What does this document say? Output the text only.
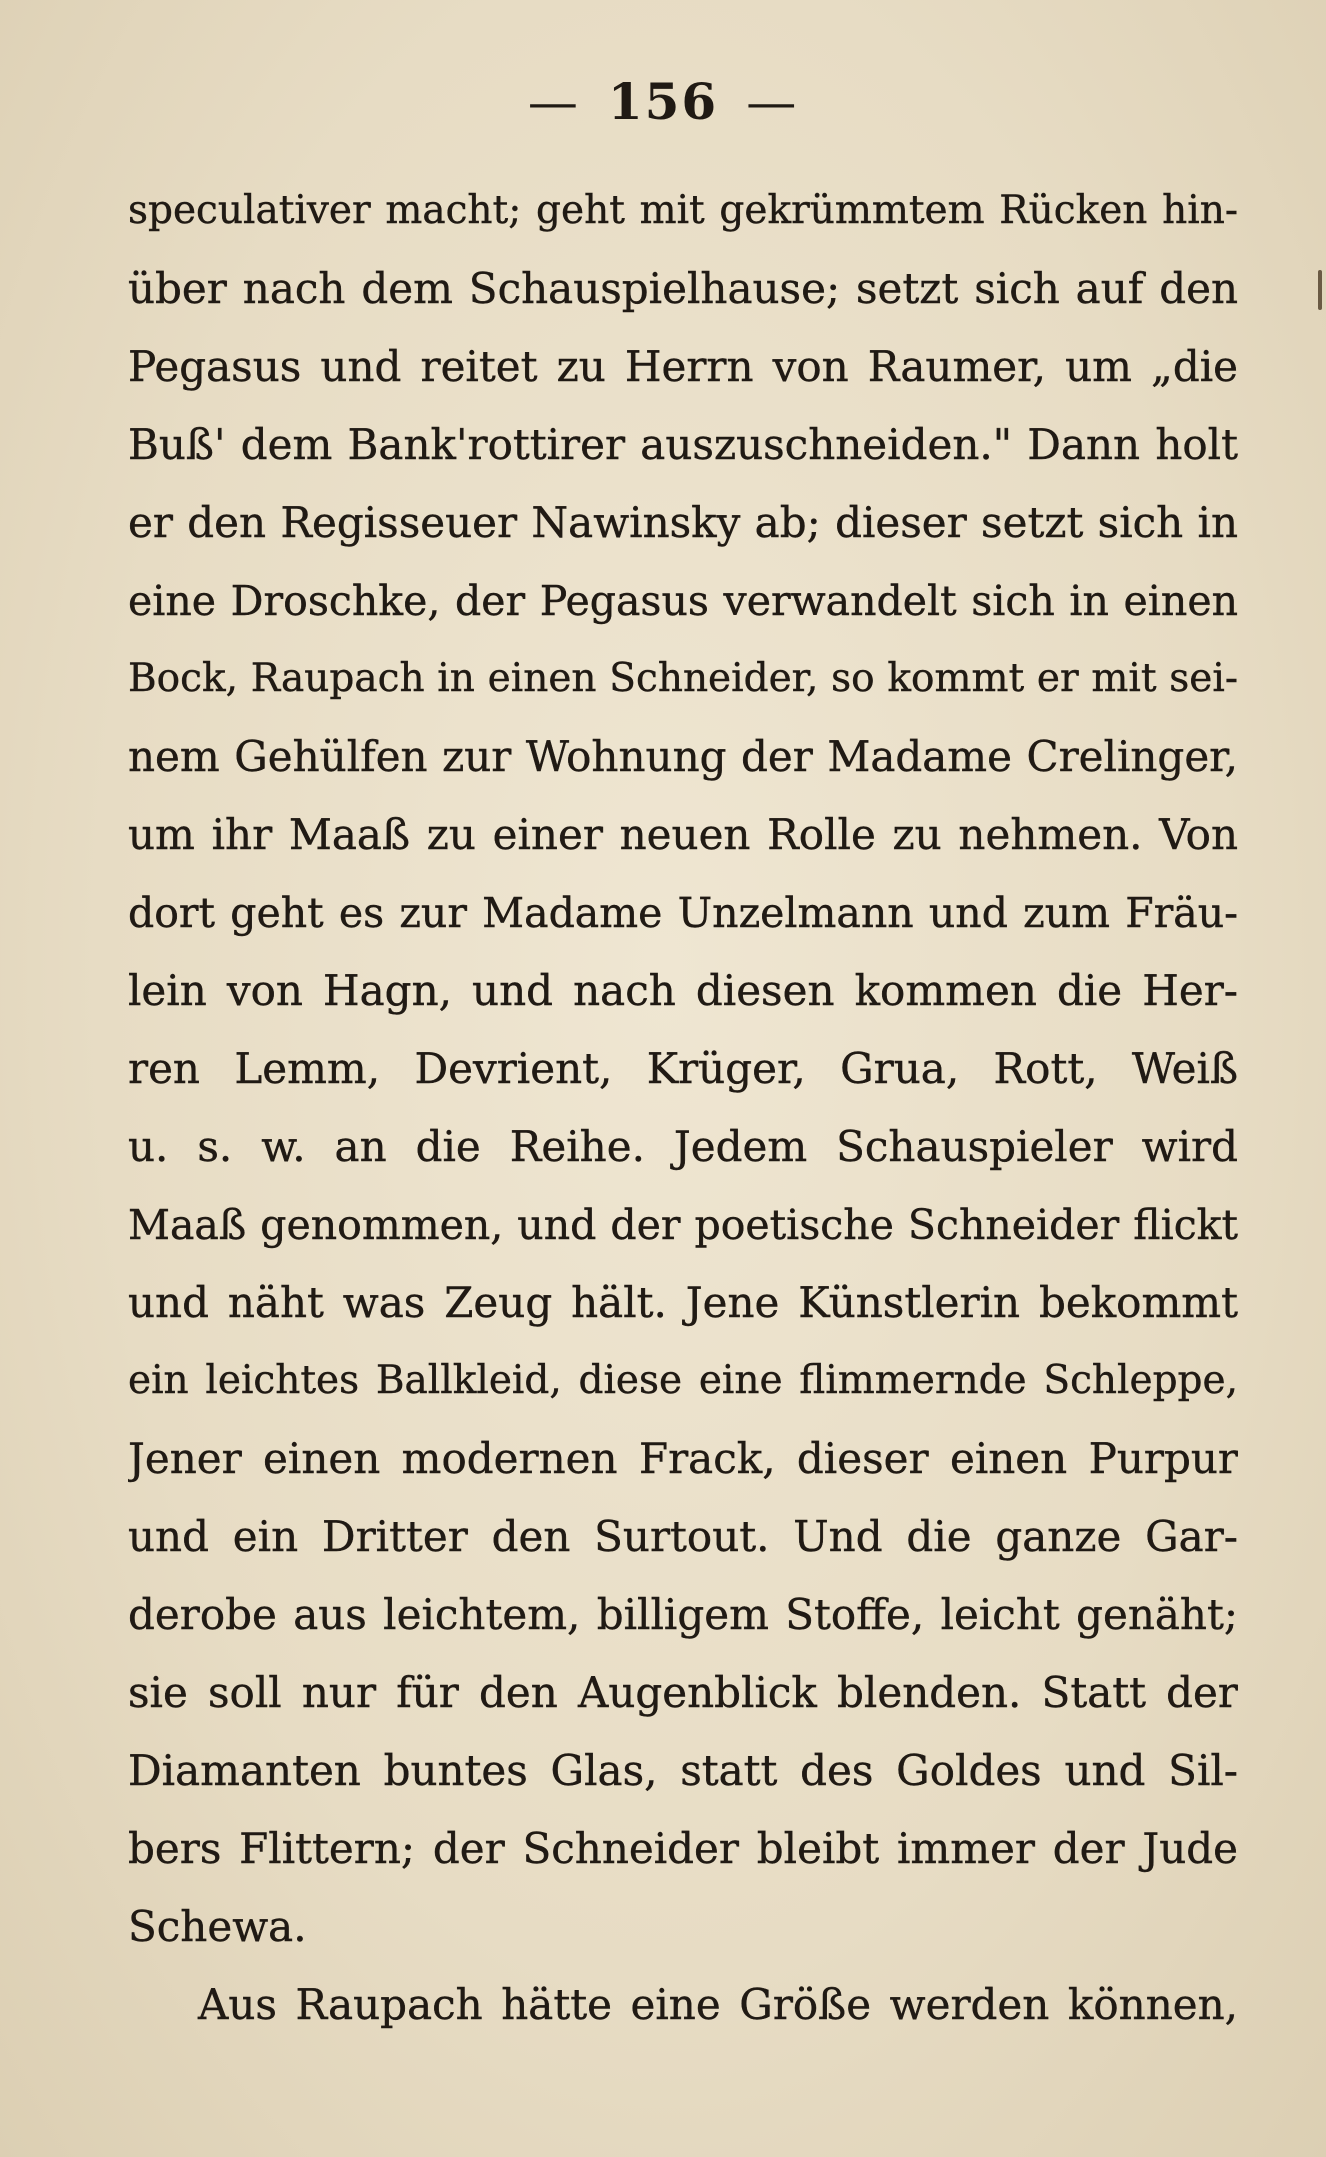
— 156 —
speculativer macht; geht mit gekrümmtem Rücken hin-
über nach dem Schauspielhause; setzt sich auf den
Pegasus und reitet zu Herrn von Raumer, um „die
Buß' dem Bank'rottirer auszuschneiden." Dann holt
er den Regisseuer Nawinsky ab; dieser setzt sich in
eine Droschke, der Pegasus verwandelt sich in einen
Bock, Raupach in einen Schneider, so kommt er mit sei-
nem Gehülfen zur Wohnung der Madame Crelinger,
um ihr Maaß zu einer neuen Rolle zu nehmen. Von
dort geht es zur Madame Unzelmann und zum Fräu-
lein von Hagn, und nach diesen kommen die Her-
ren Lemm, Devrient, Krüger, Grua, Rott, Weiß
u. s. w. an die Reihe. Jedem Schauspieler wird
Maaß genommen, und der poetische Schneider flickt
und näht was Zeug hält. Jene Künstlerin bekommt
ein leichtes Ballkleid, diese eine flimmernde Schleppe,
Jener einen modernen Frack, dieser einen Purpur
und ein Dritter den Surtout. Und die ganze Gar-
derobe aus leichtem, billigem Stoffe, leicht genäht;
sie soll nur für den Augenblick blenden. Statt der
Diamanten buntes Glas, statt des Goldes und Sil-
bers Flittern; der Schneider bleibt immer der Jude
Schewa.
Aus Raupach hätte eine Größe werden können,
